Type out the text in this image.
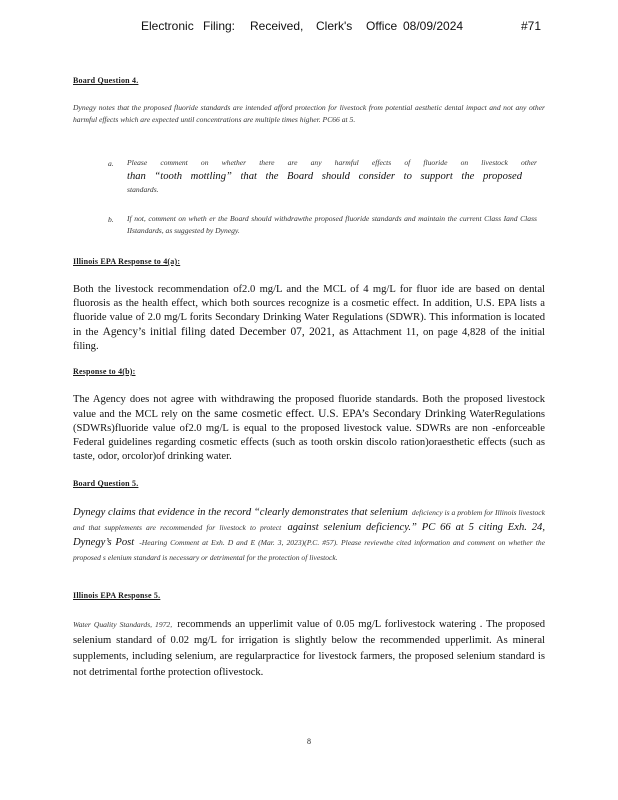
Electronic Filing: Received, Clerk's Office 08/09/2024	#71
Board Question 4.

Dynegy notes that the proposed fluoride standards are intended afford protection for livestock from potential aesthetic dental impact and not any other harmful effects which are expected until concentrations are multiple times higher. PC66 at 5.

a.	Please comment on whether there are any harmful effects of fluoride on livestock other
than “tooth mottling” that the Board should consider to support the proposed
standards.
b.	If not, comment on wheth er the Board should withdrawthe proposed fluoride standards and maintain the current Class Iand Class IIstandards, as suggested by Dynegy.

Illinois EPA Response to 4(a):

Both the livestock recommendation of2.0 mg/L and the MCL of 4 mg/L for fluor ide are based on dental fluorosis as the health effect, which both sources recognize is a cosmetic effect. In addition, U.S. EPA lists a fluoride value of 2.0 mg/L forits Secondary Drinking Water Regulations (SDWR). This information is located in the Agency’s initial filing dated December 07, 2021, as Attachment 11, on page 4,828 of the initial filing.

Response to 4(b):

The Agency does not agree with withdrawing the proposed fluoride standards. Both the proposed livestock value and the MCL rely on the same cosmetic effect. U.S. EPA’s Secondary Drinking WaterRegulations (SDWRs)fluoride value of2.0 mg/L is equal to the proposed livestock value. SDWRs are non -enforceable Federal guidelines regarding cosmetic effects (such as tooth orskin discolo ration)oraesthetic effects (such as taste, odor, orcolor)of drinking water.

Board Question 5.

Dynegy claims that evidence in the record “clearly demonstrates that selenium deficiency is a problem for Illinois livestock and that supplements are recommended for livestock to protect against selenium deficiency.” PC 66 at 5 citing Exh. 24, Dynegy’s Post -Hearing Comment at Exh. D and E (Mar. 3, 2023)(P.C. #57). Please reviewthe cited information and comment on whether the proposed s elenium standard is necessary or detrimental for the protection of livestock.

Illinois EPA Response 5.

Water Quality Standards, 1972, recommends an upperlimit value of 0.05 mg/L forlivestock watering . The proposed selenium standard of 0.02 mg/L for irrigation is slightly below the recommended upperlimit. As mineral supplements, including selenium, are regularpractice for livestock farmers, the proposed selenium standard is not detrimental forthe protection oflivestock.

8
